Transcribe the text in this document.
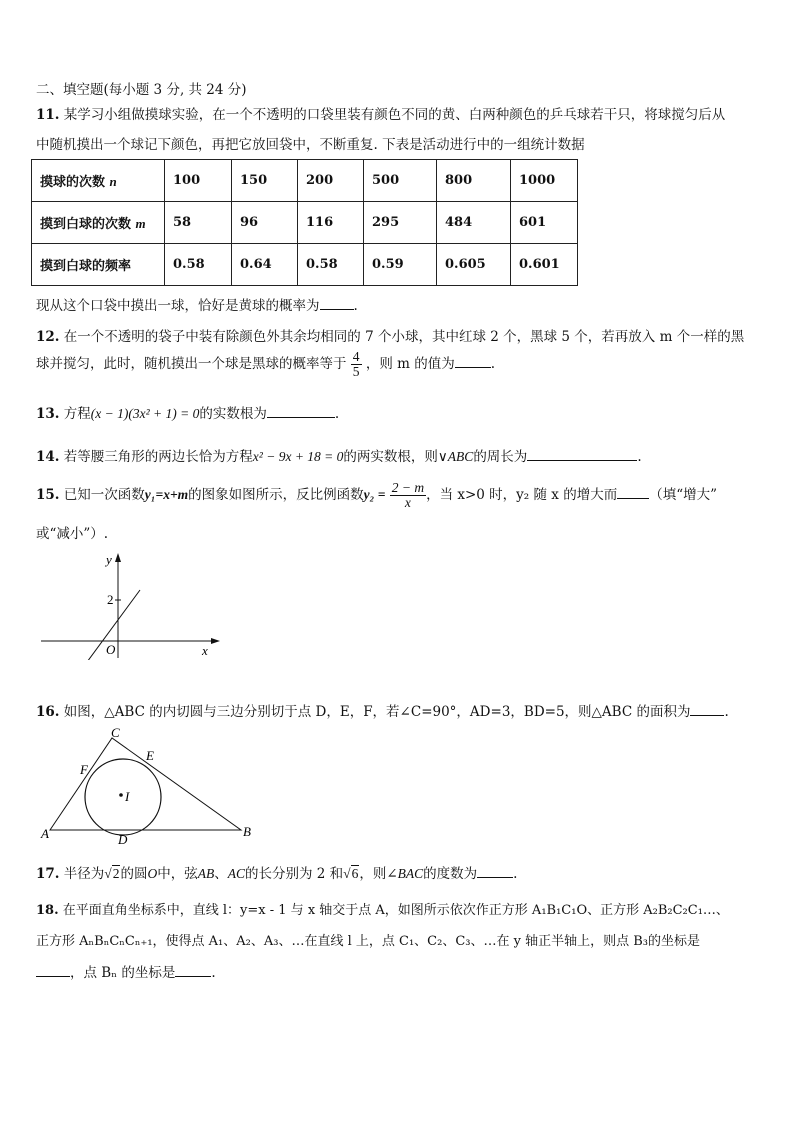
二、填空题(每小题 3 分, 共 24 分)
11. 某学习小组做摸球实验，在一个不透明的口袋里装有颜色不同的黄、白两种颜色的乒乓球若干只，将球搅匀后从
中随机摸出一个球记下颜色，再把它放回袋中，不断重复. 下表是活动进行中的一组统计数据
摸球的次数 n	100	150	200	500	800	1000
摸到白球的次数 m	58	96	116	295	484	601
摸到白球的频率	0.58	0.64	0.58	0.59	0.605	0.601
现从这个口袋中摸出一球，恰好是黄球的概率为	.
12. 在一个不透明的袋子中装有除颜色外其余均相同的 7 个小球，其中红球 2 个，黑球 5 个，若再放入 m 个一样的黑
球并搅匀，此时，随机摸出一个球是黑球的概率等于 $\frac{4}{5}$ ，则 m 的值为	.
13. 方程(x − 1)(3x² + 1) = 0的实数根为	.
14. 若等腰三角形的两边长恰为方程x² − 9x + 18 = 0的两实数根，则∨ABC的周长为	.
15. 已知一次函数y₁=x+m的图象如图所示，反比例函数$y_2 = \frac{2 - m}{x}$ ，当 x>0 时，y₂ 随 x 的增大而 （填“增大”
或“减小”）.
y
x
O
2
16. 如图，△ABC 的内切圆与三边分别切于点 D，E，F，若∠C=90°，AD=3，BD=5，则△ABC 的面积为	.
C
E
F
I
A	D
B
17. 半径为√2的圆O中，弦AB、AC的长分别为 2 和√6，则∠BAC的度数为	.
18. 在平面直角坐标系中，直线 l：y=x - 1 与 x 轴交于点 A，如图所示依次作正方形 A₁B₁C₁O、正方形 A₂B₂C₂C₁…、
正方形 AₙBₙCₙCₙ₊₁，使得点 A₁、A₂、A₃、…在直线 l 上，点 C₁、C₂、C₃、…在 y 轴正半轴上，则点 B₃的坐标是
，点 Bₙ 的坐标是	.
